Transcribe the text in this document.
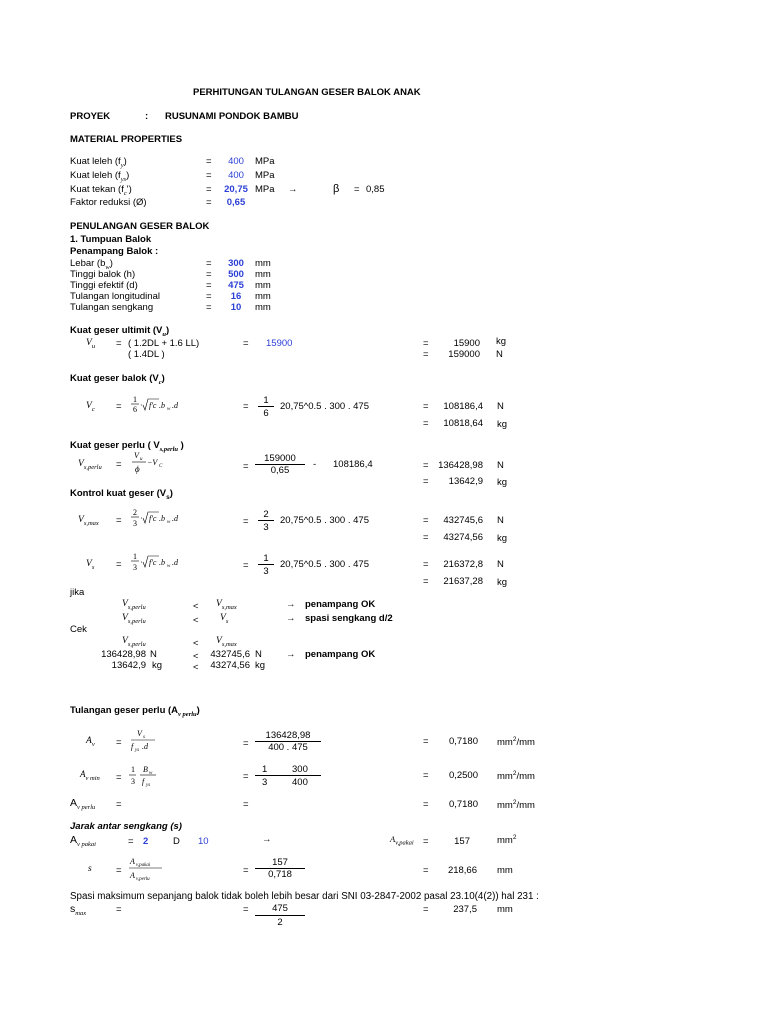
PERHITUNGAN TULANGAN GESER BALOK ANAK
PROYEK	: RUSUNAMI PONDOK BAMBU
MATERIAL PROPERTIES
Kuat leleh $(f_y)$	=	400	MPa
Kuat leleh $(f_{ys})$	=	400	MPa
Kuat tekan $(f_c')$	=	20,75 MPa →	β = 0,85
Faktor reduksi (Ø)	=	0,65
PENULANGAN GESER BALOK
1. Tumpuan Balok
Penampang Balok :
Lebar $(b_w)$	=	300	mm
Tinggi balok (h)	=	500	mm
Tinggi efektif (d)	=	475	mm
Tulangan longitudinal	=	16	mm
Tulangan sengkang	=	10	mm
Kuat geser ultimit $(V_u)$
$V_u$ = ( 1.2DL + 1.6 LL)	= 15900	=	15900 kg
( 1.4DL )	=	159000 N
Kuat geser balok $(V_c)$
$V_c$ =
1
6 · f'c .b w .d	=
1
6
20,75^0.5 . 300 . 475	=	108186,4 N
=	10818,64 kg
Kuat geser perlu ( $V_{s,perlu}$ )
$V_{s,perlu}$ =
V u
ϕ
−V C	=
159000
0,65
- 108186,4	=	136428,98 N
=	13642,9 kg
Kontrol kuat geser $(V_s)$
$V_{s,max}$ =
2
3
· f'c .b w .d	=
2
3
20,75^0.5 . 300 . 475	=	432745,6 N
=	43274,56 kg
$V_s$ =
1
3
· f'c .b w .d	=
1
3
20,75^0.5 . 300 . 475	=	216372,8 N
=	21637,28 kg
jika
$V_{s,perlu}$	< $V_{s,max}$	→ penampang OK
$V_{s,perlu}$	< $V_s$	→ spasi sengkang d/2
Cek
$V_{s,perlu}$	< $V_{s,max}$
136428,98 N	<	432745,6 N	→ penampang OK
13642,9 kg	<	43274,56 kg
Tulangan geser perlu $(A_{v perlu})$
$A_v$ =
V s
f ys .d	=
136428,98
400 . 475
=	0,7180 $mm^2/mm$
$A_{v min}$ =
1
3
B w
f ys
=
1	300
3	400
=	0,2500 $mm^2/mm$
$A_{v perlu}$ =	=	=	0,7180 $mm^2/mm$
Jarak antar sengkang (s)
$A_{v pakai}$	= 2	D 10	→	$A_{v,pakai}$ =	157	$mm^2$
s	=
A v,pakai
A v,perlu
=
157
0,718	=	218,66 mm
Spasi maksimum sepanjang balok tidak boleh lebih besar dari SNI 03-2847-2002 pasal 23.10(4(2)) hal 231 :
$s_{max}$	=	=	475
2
=	237,5 mm
